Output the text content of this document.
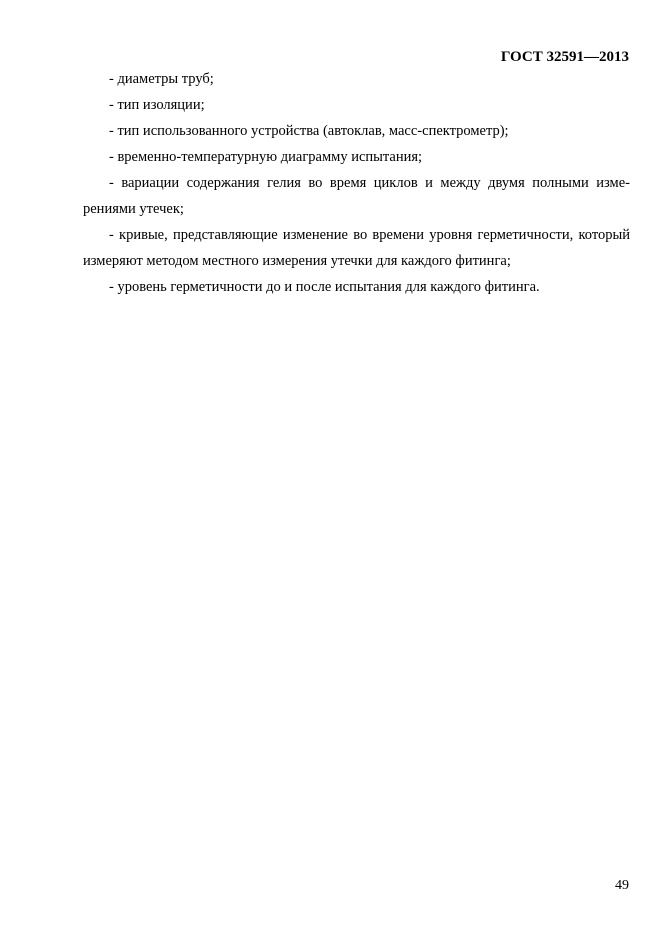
ГОСТ 32591—2013

- диаметры труб;

- тип изоляции;

- тип использованного устройства (автоклав, масс-спектрометр);

- временно-температурную диаграмму испытания;

- вариации содержания гелия во время циклов и между двумя полными измерениями утечек;

- кривые, представляющие изменение во времени уровня герметичности, который измеряют методом местного измерения утечки для каждого фитинга;

- уровень герметичности до и после испытания для каждого фитинга.

49
